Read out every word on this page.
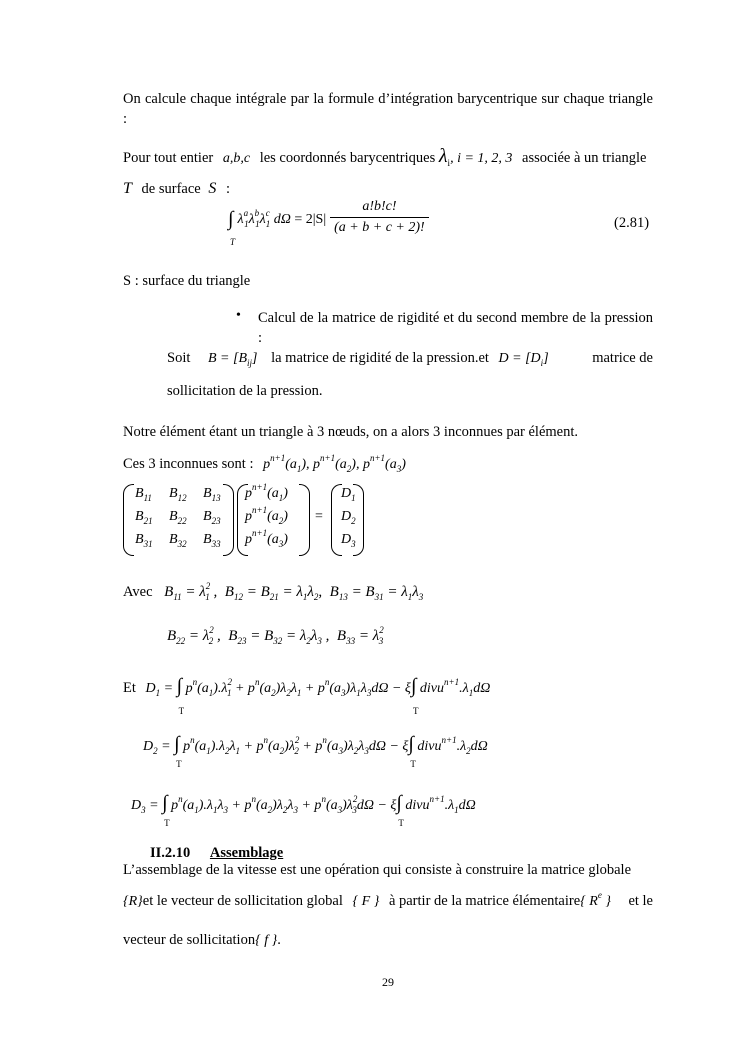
On calcule chaque intégrale par la formule d’intégration barycentrique sur chaque triangle :
Pour tout entier a,b,c les coordonnés barycentriques $\lambda_i$, i = 1, 2, 3 associée à un triangle
T de surface S :
∫
T
$\lambda^a_1\lambda^b_1\lambda^c_1$ $d\Omega = 2|S| \frac{a!b!c!}{(a + b + c + 2)!}$	(2.81)
S : surface du triangle
• Calcul de la matrice de rigidité et du second membre de la pression :
Soit $B = [B_{ij}]$ la matrice de rigidité de la pression.et $D = [D_i]$	matrice de
sollicitation de la pression.
Notre élément étant un triangle à 3 nœuds, on a alors 3 inconnues par élément.
Ces 3 inconnues sont : $p^{n+1}(a_1)$, $p^{n+1}(a_2)$, $p^{n+1}(a_3)$
$B_{11}$ $B_{12}$ $B_{13}$
$B_{21}$ $B_{22}$ $B_{23}$
$B_{31}$ $B_{32}$ $B_{33}$
$p^{n+1}(a_1)$
$p^{n+1}(a_2)$
$p^{n+1}(a_3)$
=
$D_1$
$D_2$
$D_3$
Avec $B_{11} = \lambda^2_1$ ,  $B_{12} = B_{21} = \lambda_1\lambda_2$,  $B_{13} = B_{31} = \lambda_1\lambda_3$
$B_{22} = \lambda^2_2$ ,  $B_{23} = B_{32} = \lambda_2\lambda_3$ ,  $B_{33} = \lambda^2_3$
Et $D_1$ = ∫
T
$p^n(a_1).\lambda^2_1 + p^n(a_2)\lambda_2\lambda_1 + p^n(a_3)\lambda_1\lambda_3d\Omega - \xi\int$
T
$divu^{n+1}.\lambda_1d\Omega$
$D_2$ = ∫
T
$p^n(a_1).\lambda_2\lambda_1 + p^n(a_2)\lambda^2_2 + p^n(a_3)\lambda_2\lambda_3d\Omega - \xi\int$
T
$divu^{n+1}.\lambda_2d\Omega$
$D_3$ = ∫
T
$p^n(a_1).\lambda_1\lambda_3 + p^n(a_2)\lambda_2\lambda_3 + p^n(a_3)\lambda^2_3d\Omega - \xi\int$
T
$divu^{n+1}.\lambda_1d\Omega$
II.2.10 Assemblage
L’assemblage de la vitesse est une opération qui consiste à construire la matrice globale
{R}et le vecteur de sollicitation global { F } à partir de la matrice élémentaire{ $R^e$ } et le
vecteur de sollicitation{ f }.
29
